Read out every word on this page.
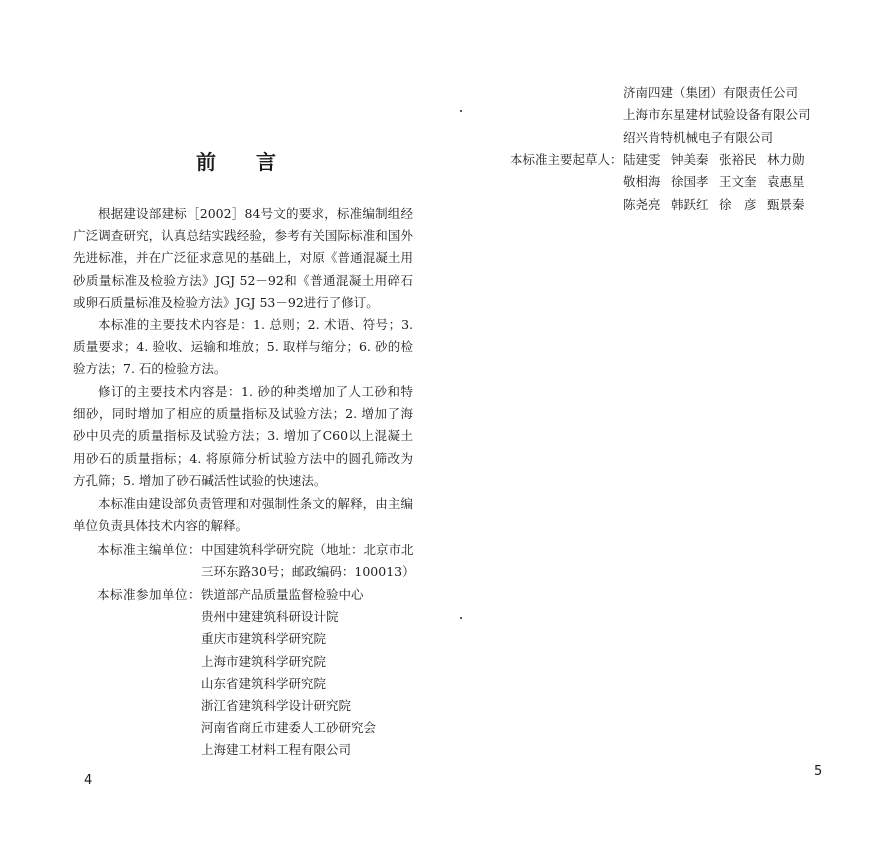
前 言

根据建设部建标［2002］84号文的要求，标准编制组经广泛调查研究，认真总结实践经验，参考有关国际标准和国外先进标准，并在广泛征求意见的基础上，对原《普通混凝土用砂质量标准及检验方法》JGJ 52－92和《普通混凝土用碎石或卵石质量标准及检验方法》JGJ 53－92进行了修订。

本标准的主要技术内容是：1. 总则；2. 术语、符号；3. 质量要求；4. 验收、运输和堆放；5. 取样与缩分；6. 砂的检验方法；7. 石的检验方法。

修订的主要技术内容是：1. 砂的种类增加了人工砂和特细砂，同时增加了相应的质量指标及试验方法；2. 增加了海砂中贝壳的质量指标及试验方法；3. 增加了C60以上混凝土用砂石的质量指标；4. 将原筛分析试验方法中的圆孔筛改为方孔筛；5. 增加了砂石碱活性试验的快速法。

本标准由建设部负责管理和对强制性条文的解释，由主编单位负责具体技术内容的解释。

本标准主编单位：中国建筑科学研究院（地址：北京市北
三环东路30号；邮政编码：100013）
本标准参加单位：铁道部产品质量监督检验中心
贵州中建建筑科研设计院
重庆市建筑科学研究院
上海市建筑科学研究院
山东省建筑科学研究院
浙江省建筑科学设计研究院
河南省商丘市建委人工砂研究会
上海建工材料工程有限公司
4
济南四建（集团）有限责任公司
上海市东星建材试验设备有限公司
绍兴肯特机械电子有限公司
本标准主要起草人： 陆建雯 钟美秦 张裕民 林力勋
敬相海 徐国孝 王文奎 袁惠星
陈尧亮 韩跃红 徐　彦 甄景秦
5
